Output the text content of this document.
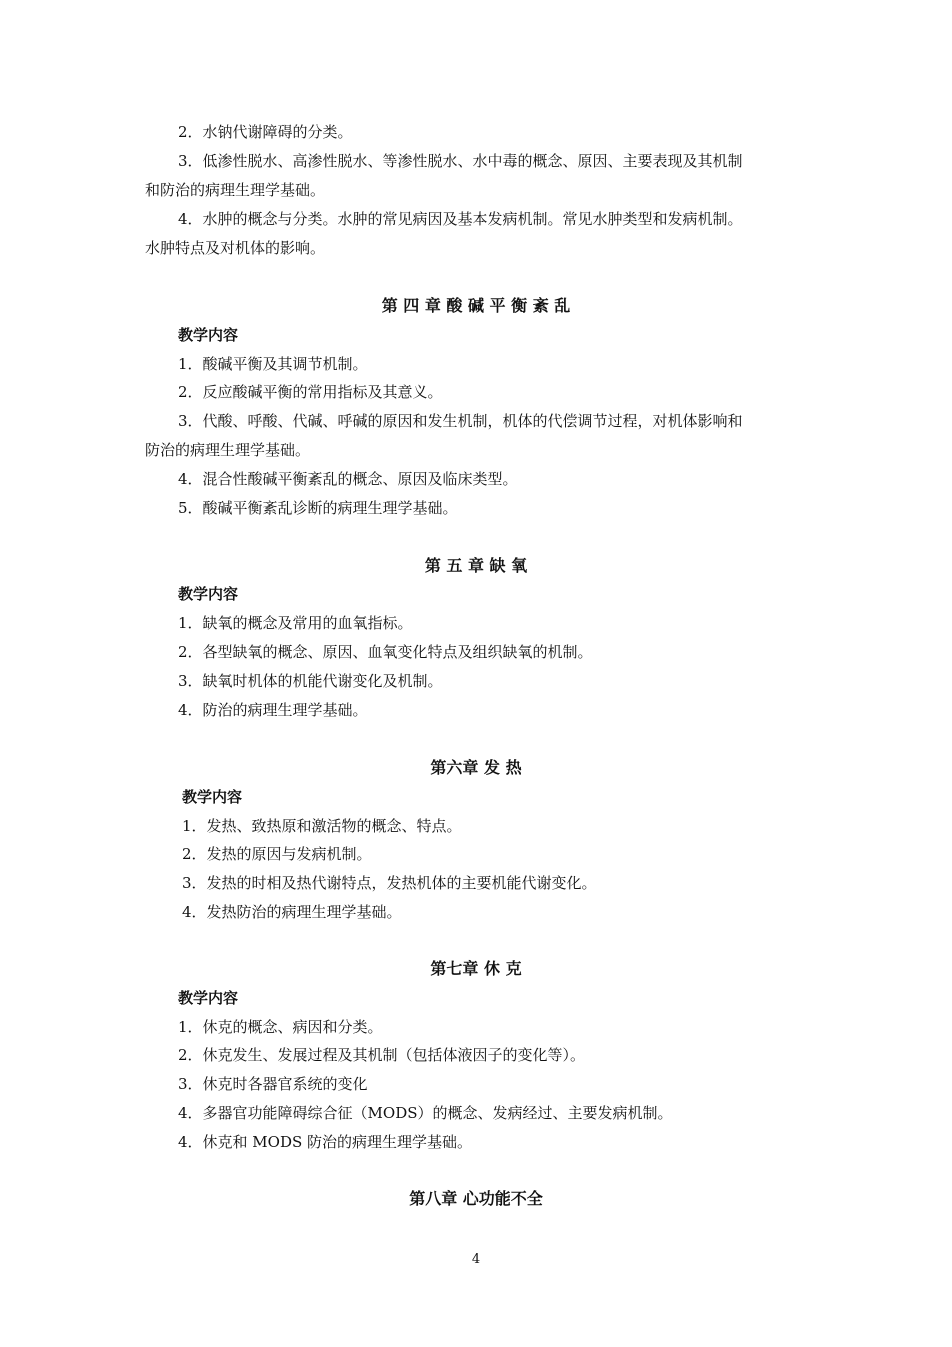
2．水钠代谢障碍的分类。
3．低渗性脱水、高渗性脱水、等渗性脱水、水中毒的概念、原因、主要表现及其机制
和防治的病理生理学基础。
4．水肿的概念与分类。水肿的常见病因及基本发病机制。常见水肿类型和发病机制。
水肿特点及对机体的影响。
第 四 章 酸 碱 平 衡 紊 乱
教学内容
1．酸碱平衡及其调节机制。
2．反应酸碱平衡的常用指标及其意义。
3．代酸、呼酸、代碱、呼碱的原因和发生机制，机体的代偿调节过程，对机体影响和
防治的病理生理学基础。
4．混合性酸碱平衡紊乱的概念、原因及临床类型。
5．酸碱平衡紊乱诊断的病理生理学基础。
第 五 章 缺 氧
教学内容
1．缺氧的概念及常用的血氧指标。
2．各型缺氧的概念、原因、血氧变化特点及组织缺氧的机制。
3．缺氧时机体的机能代谢变化及机制。
4．防治的病理生理学基础。
第六章 发 热
教学内容
1．发热、致热原和激活物的概念、特点。
2．发热的原因与发病机制。
3．发热的时相及热代谢特点，发热机体的主要机能代谢变化。
4．发热防治的病理生理学基础。
第七章 休 克
教学内容
1．休克的概念、病因和分类。
2．休克发生、发展过程及其机制（包括体液因子的变化等）。
3．休克时各器官系统的变化
4．多器官功能障碍综合征（MODS）的概念、发病经过、主要发病机制。
4．休克和 MODS 防治的病理生理学基础。
第八章 心功能不全
4
